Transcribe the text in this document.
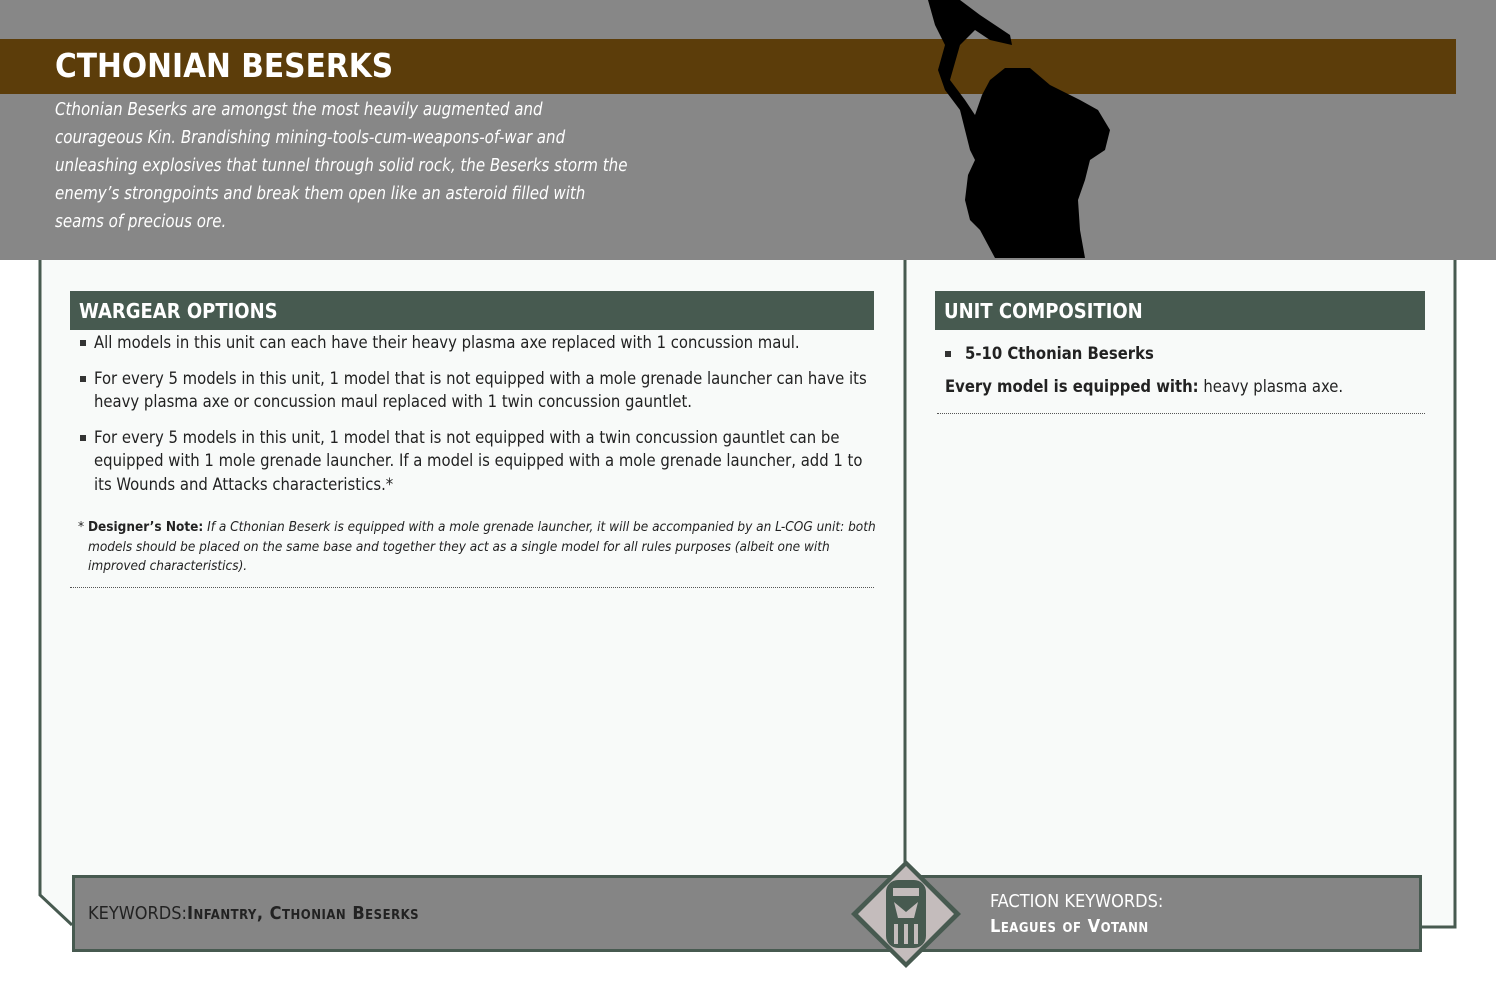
CTHONIAN BESERKS
Cthonian Beserks are amongst the most heavily augmented and courageous Kin. Brandishing mining-tools-cum-weapons-of-war and unleashing explosives that tunnel through solid rock, the Beserks storm the enemy’s strongpoints and break them open like an asteroid filled with seams of precious ore.
WARGEAR OPTIONS
All models in this unit can each have their heavy plasma axe replaced with 1 concussion maul.
For every 5 models in this unit, 1 model that is not equipped with a mole grenade launcher can have its heavy plasma axe or concussion maul replaced with 1 twin concussion gauntlet.
For every 5 models in this unit, 1 model that is not equipped with a twin concussion gauntlet can be equipped with 1 mole grenade launcher. If a model is equipped with a mole grenade launcher, add 1 to its Wounds and Attacks characteristics.*
* Designer’s Note: If a Cthonian Beserk is equipped with a mole grenade launcher, it will be accompanied by an L-COG unit: both models should be placed on the same base and together they act as a single model for all rules purposes (albeit one with improved characteristics).
UNIT COMPOSITION
5-10 Cthonian Beserks
Every model is equipped with: heavy plasma axe.
KEYWORDS:Infantry, Cthonian Beserks
FACTION KEYWORDS:
Leagues of Votann
